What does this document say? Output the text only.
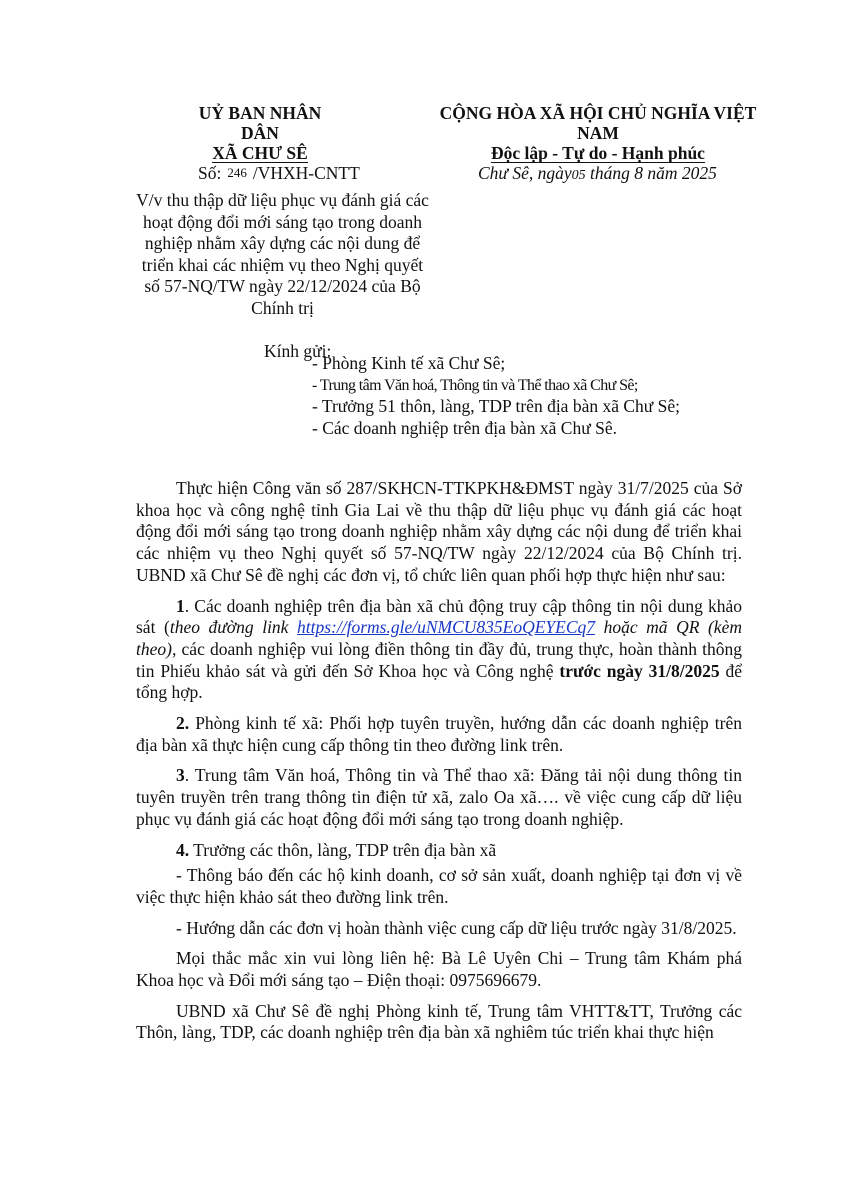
UỶ BAN NHÂN DÂN
XÃ CHƯ SÊ
CỘNG HÒA XÃ HỘI CHỦ NGHĨA VIỆT NAM
Độc lập - Tự do - Hạnh phúc
Số: 246 /VHXH-CNTT	Chư Sê, ngày05 tháng 8 năm 2025
V/v thu thập dữ liệu phục vụ đánh giá các hoạt động đổi mới sáng tạo trong doanh nghiệp nhằm xây dựng các nội dung để triển khai các nhiệm vụ theo Nghị quyết số 57-NQ/TW ngày 22/12/2024 của Bộ Chính trị
Kính gửi:
- Phòng Kinh tế xã Chư Sê;
- Trung tâm Văn hoá, Thông tin và Thể thao xã Chư Sê;
- Trưởng 51 thôn, làng, TDP trên địa bàn xã Chư Sê;
- Các doanh nghiệp trên địa bàn xã Chư Sê.

Thực hiện Công văn số 287/SKHCN-TTKPKH&ĐMST ngày 31/7/2025 của Sở khoa học và công nghệ tỉnh Gia Lai về thu thập dữ liệu phục vụ đánh giá các hoạt động đổi mới sáng tạo trong doanh nghiệp nhằm xây dựng các nội dung để triển khai các nhiệm vụ theo Nghị quyết số 57-NQ/TW ngày 22/12/2024 của Bộ Chính trị. UBND xã Chư Sê đề nghị các đơn vị, tổ chức liên quan phối hợp thực hiện như sau:

1. Các doanh nghiệp trên địa bàn xã chủ động truy cập thông tin nội dung khảo sát (theo đường link https://forms.gle/uNMCU835EoQEYECq7 hoặc mã QR (kèm theo), các doanh nghiệp vui lòng điền thông tin đầy đủ, trung thực, hoàn thành thông tin Phiếu khảo sát và gửi đến Sở Khoa học và Công nghệ trước ngày 31/8/2025 để tổng hợp.

2. Phòng kinh tế xã: Phối hợp tuyên truyền, hướng dẫn các doanh nghiệp trên địa bàn xã thực hiện cung cấp thông tin theo đường link trên.

3. Trung tâm Văn hoá, Thông tin và Thể thao xã: Đăng tải nội dung thông tin tuyên truyền trên trang thông tin điện tử xã, zalo Oa xã…. về việc cung cấp dữ liệu phục vụ đánh giá các hoạt động đổi mới sáng tạo trong doanh nghiệp.

4. Trưởng các thôn, làng, TDP trên địa bàn xã

- Thông báo đến các hộ kinh doanh, cơ sở sản xuất, doanh nghiệp tại đơn vị về việc thực hiện khảo sát theo đường link trên.

- Hướng dẫn các đơn vị hoàn thành việc cung cấp dữ liệu trước ngày 31/8/2025.

Mọi thắc mắc xin vui lòng liên hệ: Bà Lê Uyên Chi – Trung tâm Khám phá Khoa học và Đổi mới sáng tạo – Điện thoại: 0975696679.

UBND xã Chư Sê đề nghị Phòng kinh tế, Trung tâm VHTT&TT, Trưởng các Thôn, làng, TDP, các doanh nghiệp trên địa bàn xã nghiêm túc triển khai thực hiện
